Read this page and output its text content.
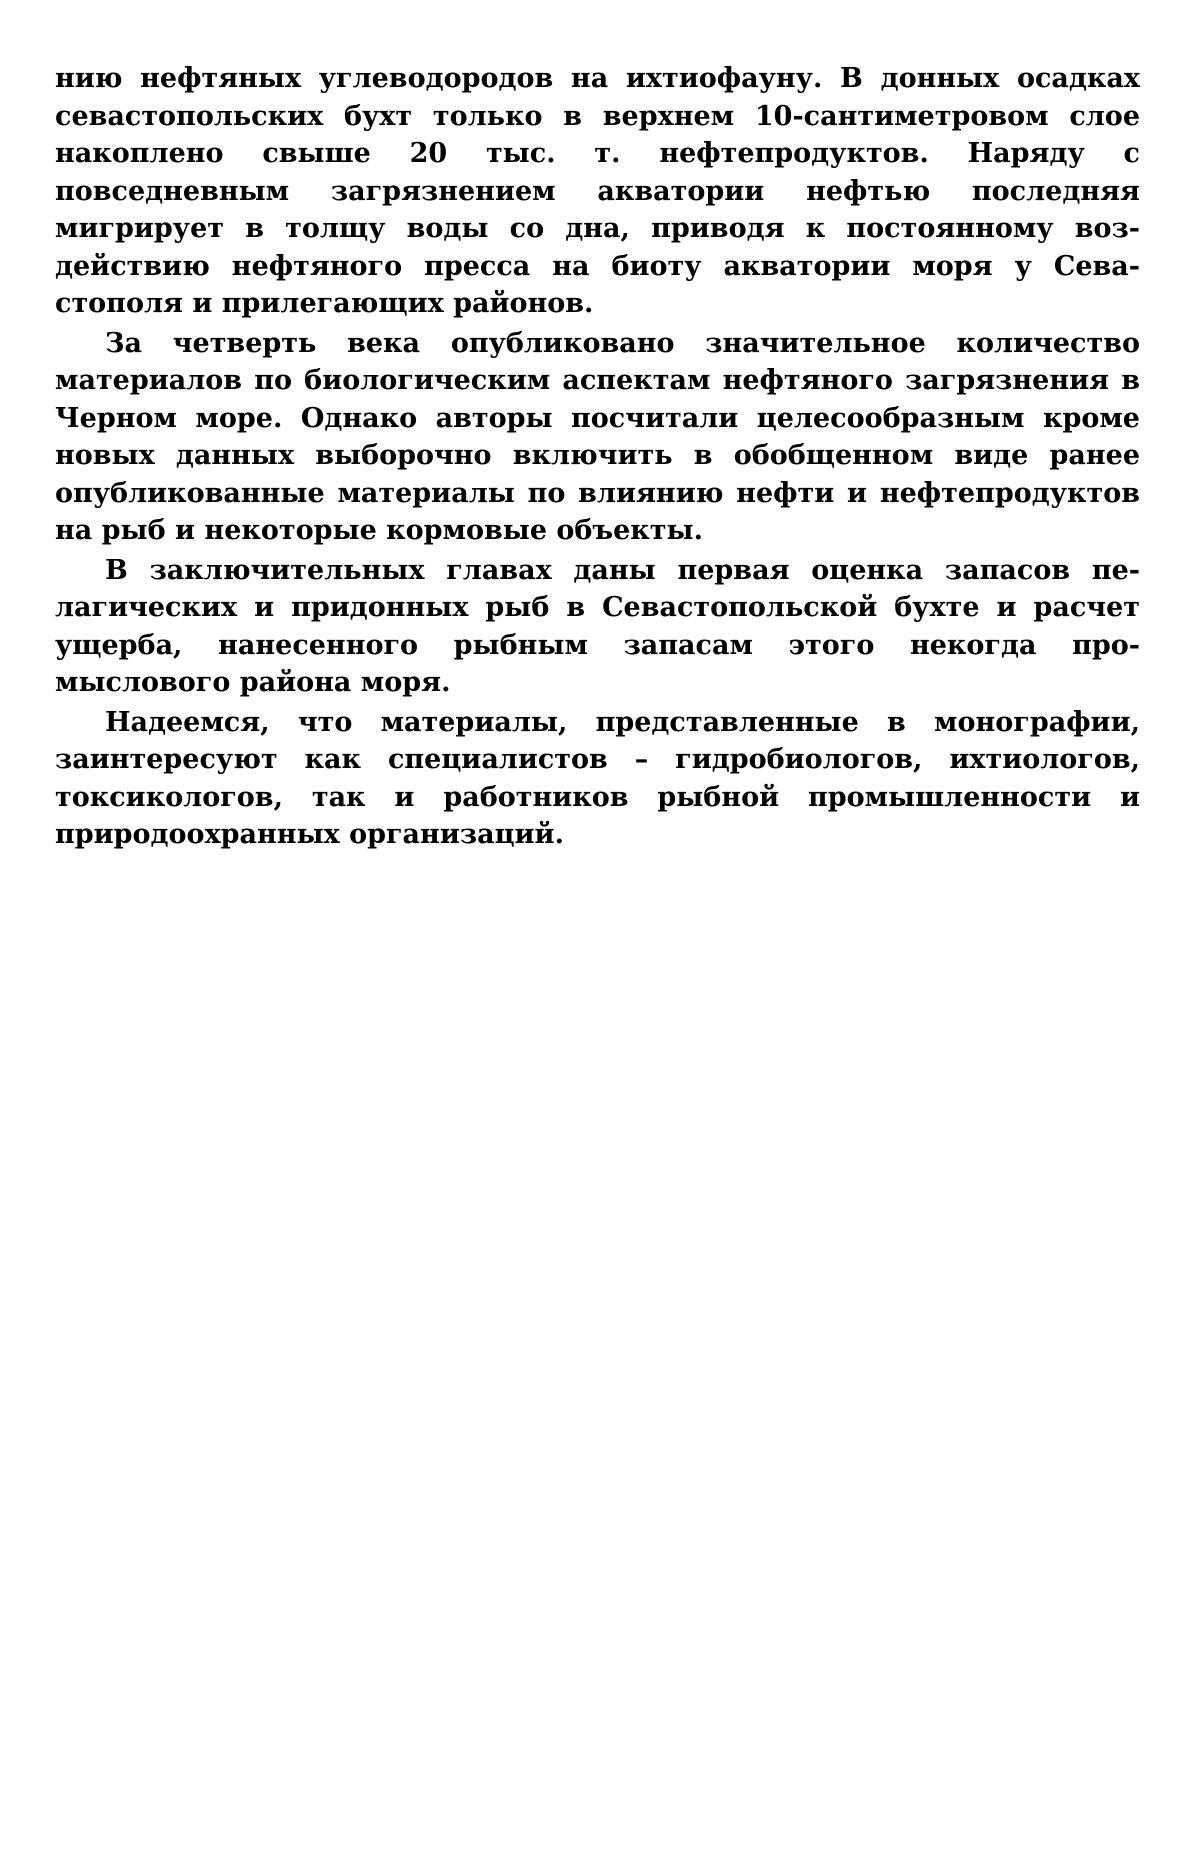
нию нефтяных углеводородов на ихтиофауну. В донных осадках севастопольских бухт только в верхнем 10-сантиметровом слое накоплено свыше 20 тыс. т. нефтепродуктов. Наряду с повседневным загрязнением акватории нефтью последняя мигрирует в толщу воды со дна, приводя к постоянному воздействию нефтяного пресса на биоту акватории моря у Севастополя и прилегающих районов.

За четверть века опубликовано значительное количество материалов по биологическим аспектам нефтяного загрязнения в Черном море. Однако авторы посчитали целесообразным кроме новых данных выборочно включить в обобщенном виде ранее опубликованные материалы по влиянию нефти и нефтепродуктов на рыб и некоторые кормовые объекты.

В заключительных главах даны первая оценка запасов пелагических и придонных рыб в Севастопольской бухте и расчет ущерба, нанесенного рыбным запасам этого некогда промыслового района моря.

Надеемся, что материалы, представленные в монографии, заинтересуют как специалистов – гидробиологов, ихтиологов, токсикологов, так и работников рыбной промышленности и природоохранных организаций.
